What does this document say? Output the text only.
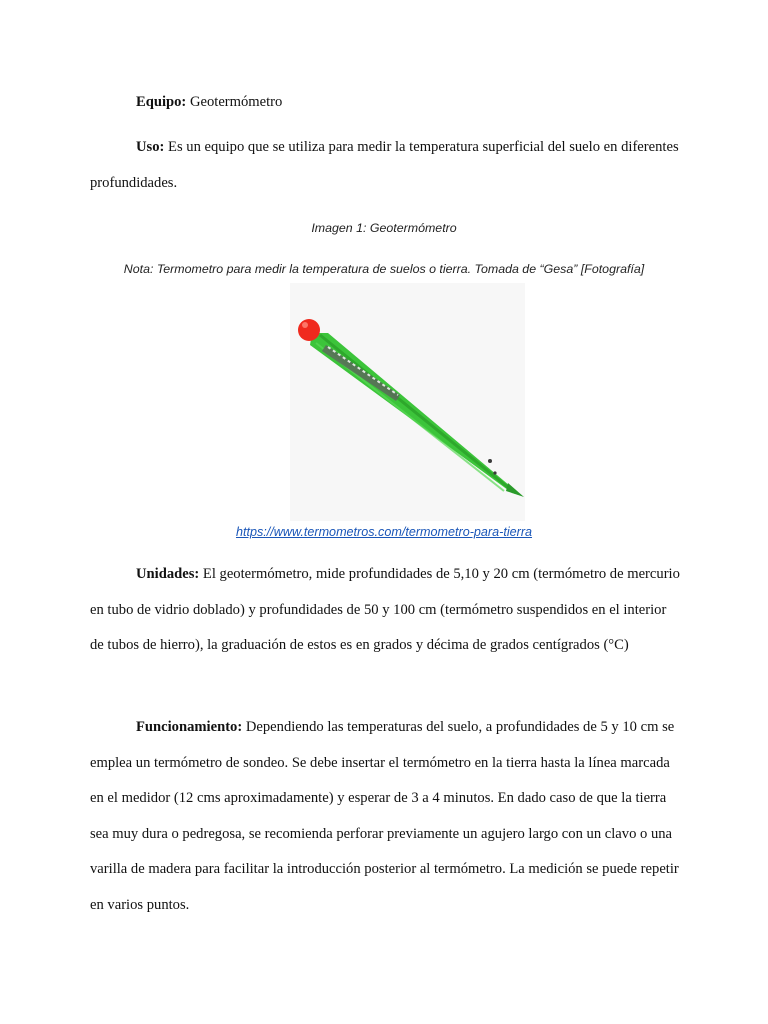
Equipo: Geotermómetro

Uso: Es un equipo que se utiliza para medir la temperatura superficial del suelo en diferentes profundidades.

Imagen 1: Geotermómetro
Nota: Termometro para medir la temperatura de suelos o tierra. Tomada de “Gesa” [Fotografía]
https://www.termometros.com/termometro-para-tierra

Unidades: El geotermómetro, mide profundidades de 5,10 y 20 cm (termómetro de mercurio en tubo de vidrio doblado) y profundidades de 50 y 100 cm (termómetro suspendidos en el interior de tubos de hierro), la graduación de estos es en grados y décima de grados centígrados (°C)

Funcionamiento: Dependiendo las temperaturas del suelo, a profundidades de 5 y 10 cm se emplea un termómetro de sondeo. Se debe insertar el termómetro en la tierra hasta la línea marcada en el medidor (12 cms aproximadamente) y esperar de 3 a 4 minutos. En dado caso de que la tierra sea muy dura o pedregosa, se recomienda perforar previamente un agujero largo con un clavo o una varilla de madera para facilitar la introducción posterior al termómetro. La medición se puede repetir en varios puntos.
